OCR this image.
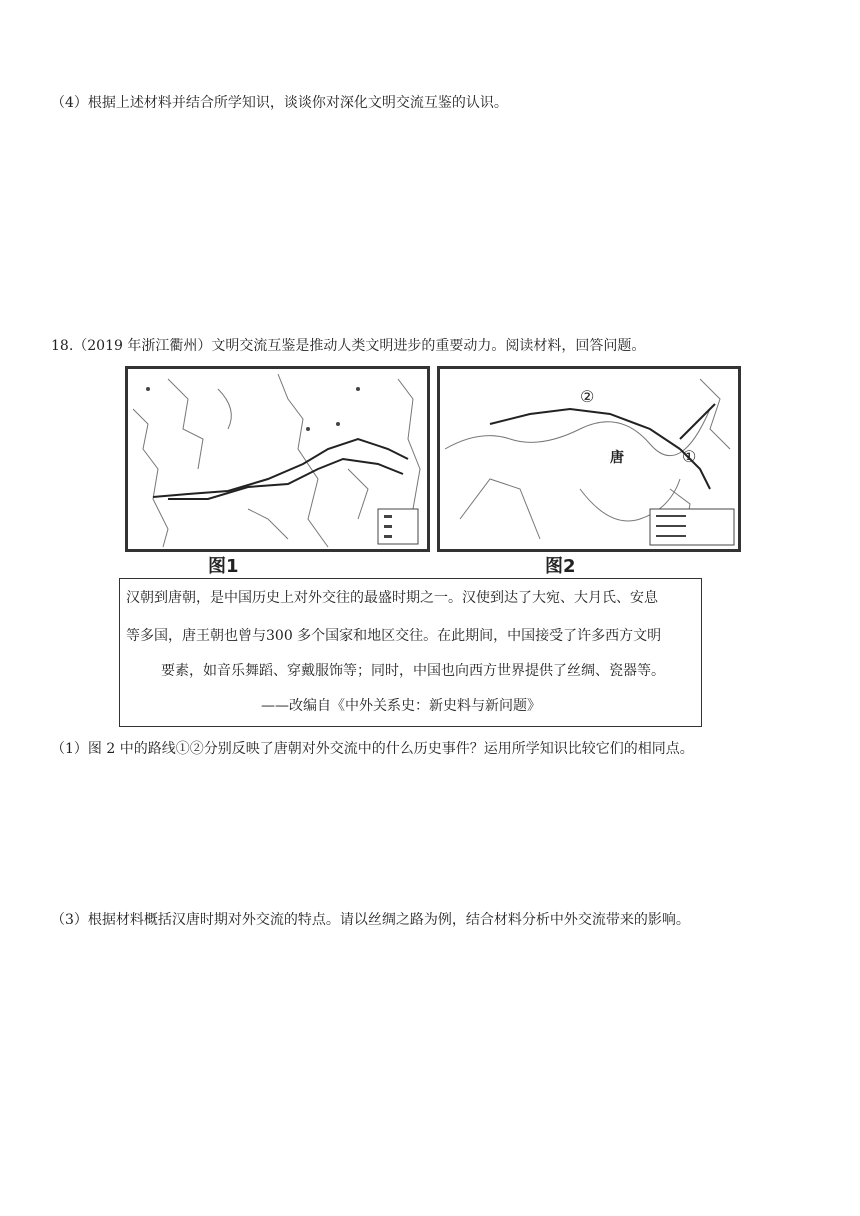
（4）根据上述材料并结合所学知识，谈谈你对深化文明交流互鉴的认识。
18.（2019 年浙江衢州）文明交流互鉴是推动人类文明进步的重要动力。阅读材料，回答问题。
图1
唐	①
②
图2
汉朝到唐朝，是中国历史上对外交往的最盛时期之一。汉使到达了大宛、大月氏、安息
等多国，唐王朝也曾与300 多个国家和地区交往。在此期间，中国接受了许多西方文明
要素，如音乐舞蹈、穿戴服饰等；同时，中国也向西方世界提供了丝绸、瓷器等。
——改编自《中外关系史：新史料与新问题》
（1）图 2 中的路线①②分别反映了唐朝对外交流中的什么历史事件？运用所学知识比较它们的相同点。
（3）根据材料概括汉唐时期对外交流的特点。请以丝绸之路为例，结合材料分析中外交流带来的影响。
